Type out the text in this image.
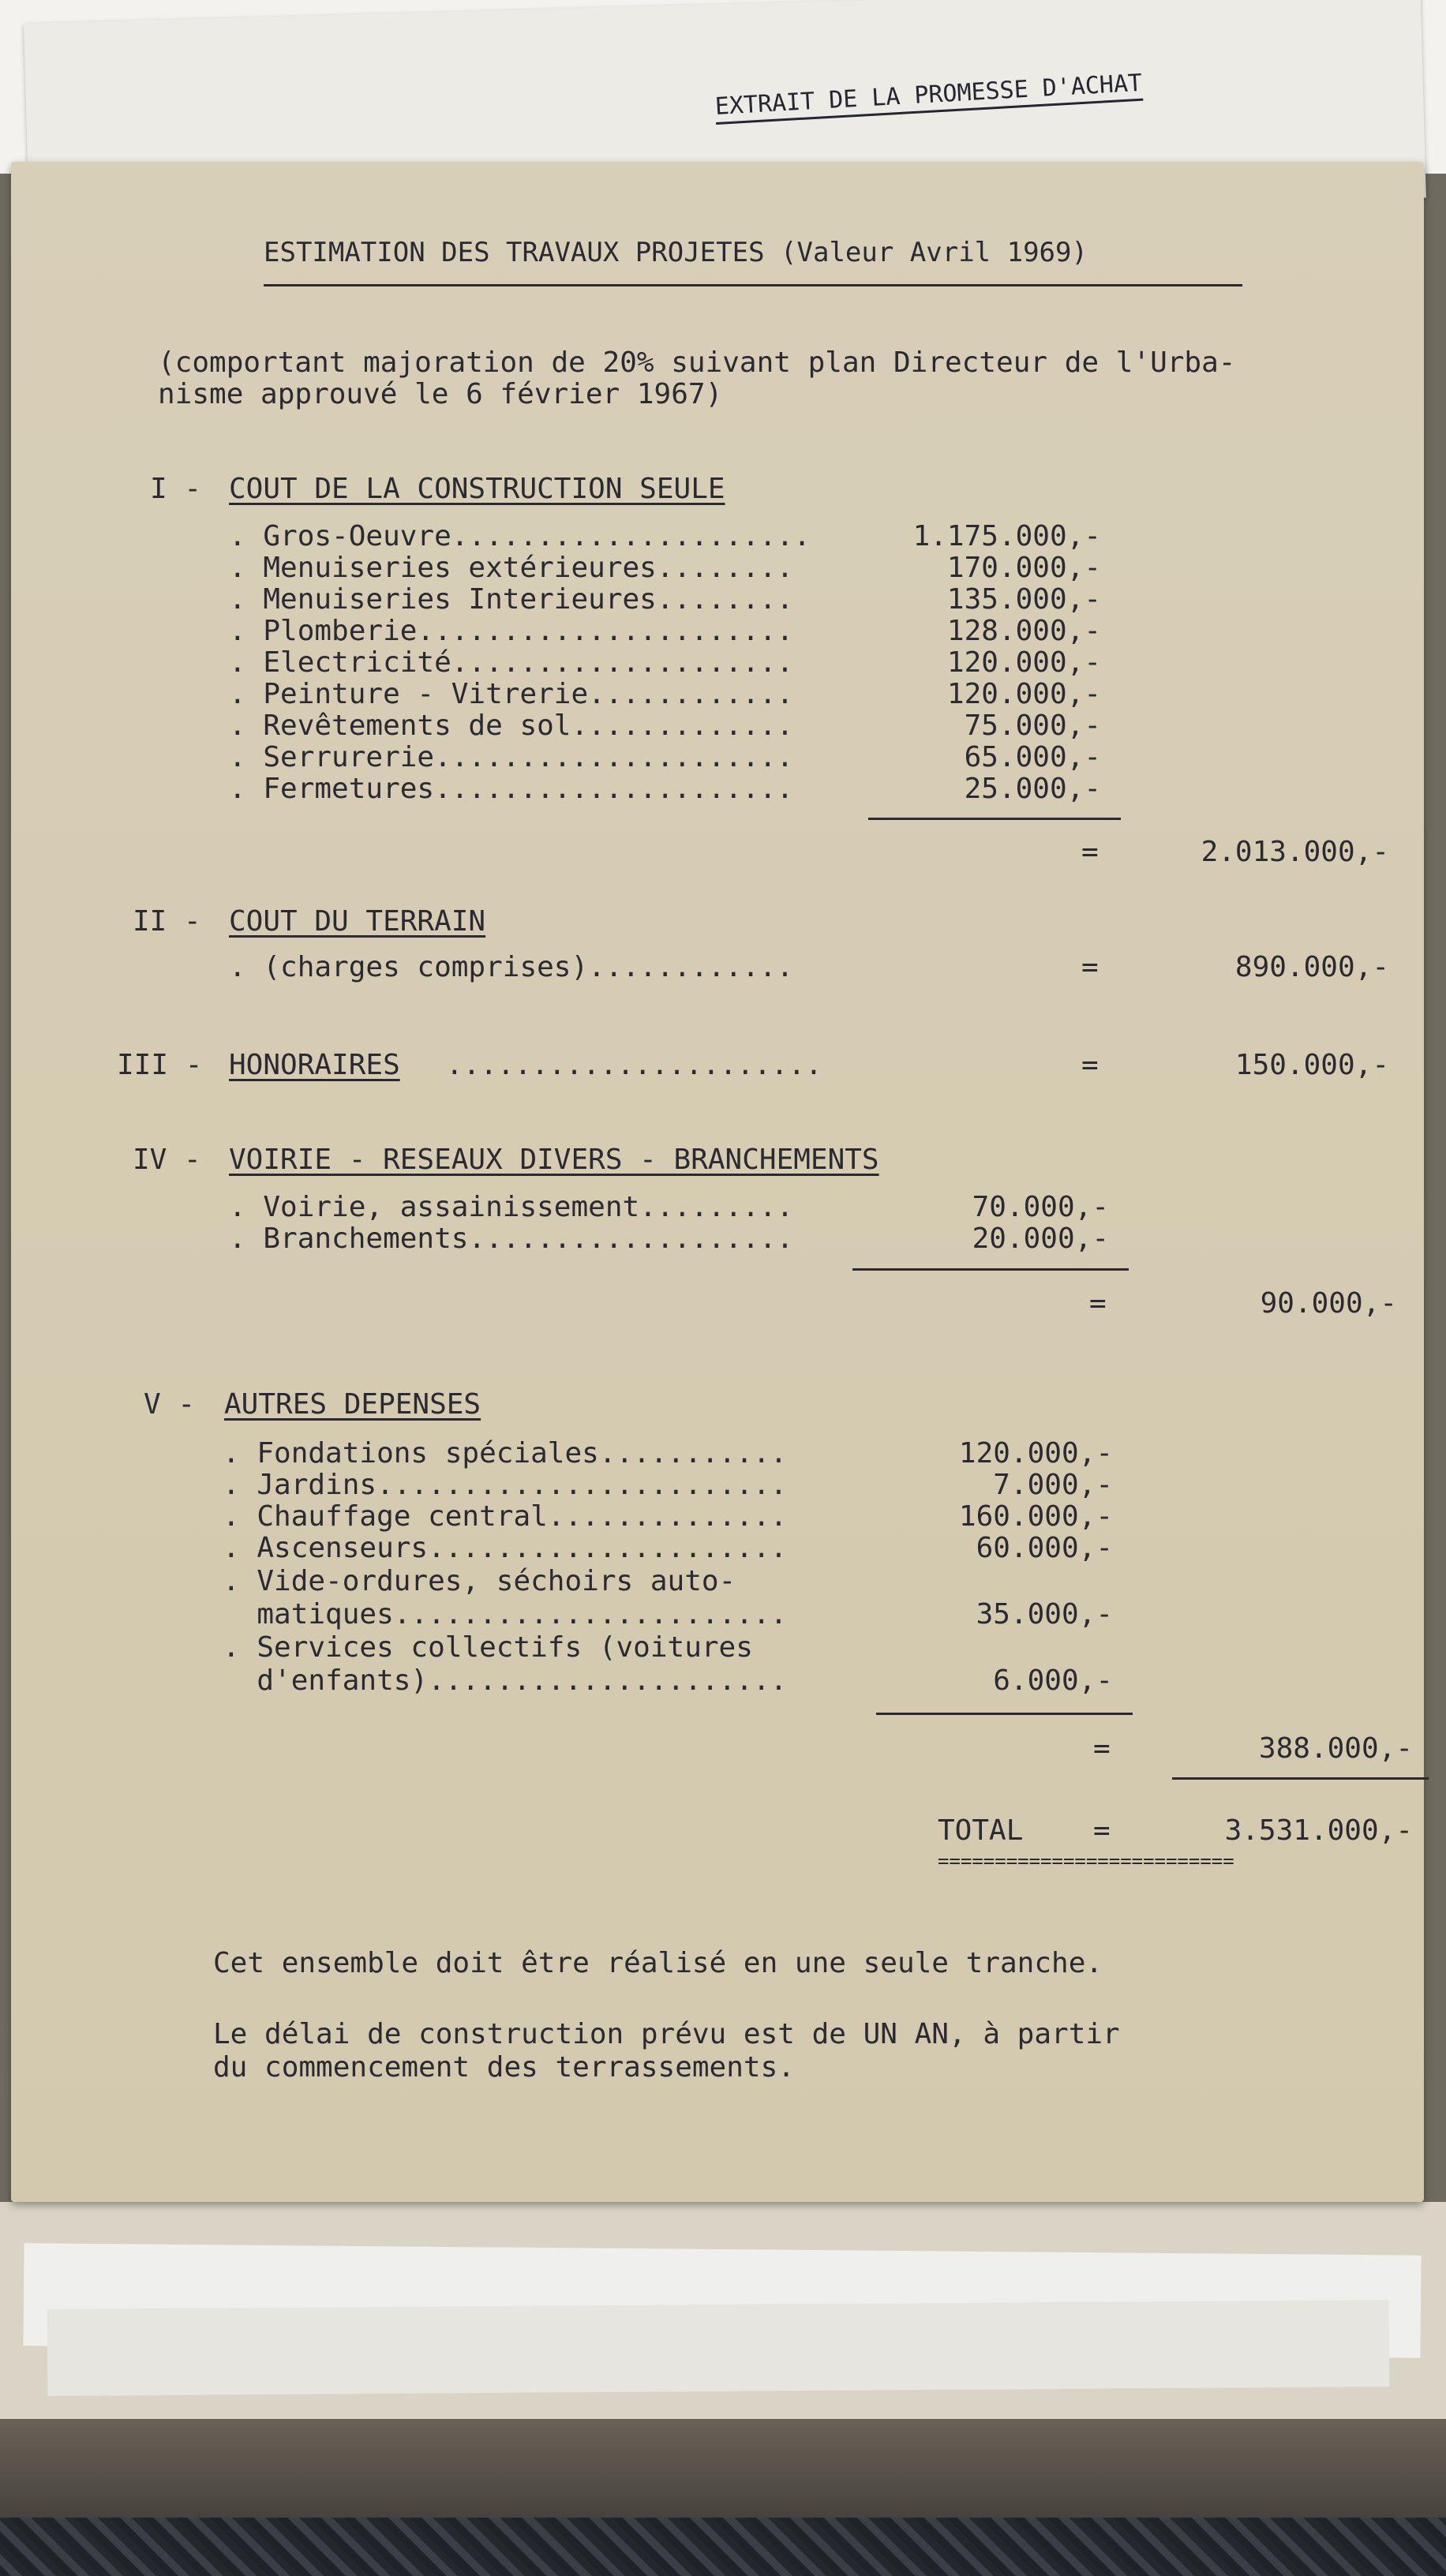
EXTRAIT DE LA PROMESSE D'ACHAT
ESTIMATION DES TRAVAUX PROJETES (Valeur Avril 1969)
(comportant majoration de 20% suivant plan Directeur de l'Urba-
nisme approuvé le 6 février 1967)
I - COUT DE LA CONSTRUCTION SEULE
. Gros-Oeuvre.....................	1.175.000,-
. Menuiseries extérieures........	170.000,-
. Menuiseries Interieures........	135.000,-
. Plomberie......................	128.000,-
. Electricité....................	120.000,-
. Peinture - Vitrerie............	120.000,-
. Revêtements de sol.............	75.000,-
. Serrurerie.....................	65.000,-
. Fermetures.....................	25.000,-
=	2.013.000,-
II - COUT DU TERRAIN
. (charges comprises)............	=	890.000,-
III - HONORAIRES ......................	=	150.000,-
IV - VOIRIE - RESEAUX DIVERS - BRANCHEMENTS
. Voirie, assainissement.........	70.000,-
. Branchements...................	20.000,-
=	90.000,-
V - AUTRES DEPENSES
. Fondations spéciales...........	120.000,-
. Jardins........................	7.000,-
. Chauffage central..............	160.000,-
. Ascenseurs.....................	60.000,-
. Vide-ordures, séchoirs auto-
matiques.......................	35.000,-
. Services collectifs (voitures
d'enfants).....................	6.000,-
=	388.000,-
TOTAL =	3.531.000,-
==========================
Cet ensemble doit être réalisé en une seule tranche.
Le délai de construction prévu est de UN AN, à partir
du commencement des terrassements.
